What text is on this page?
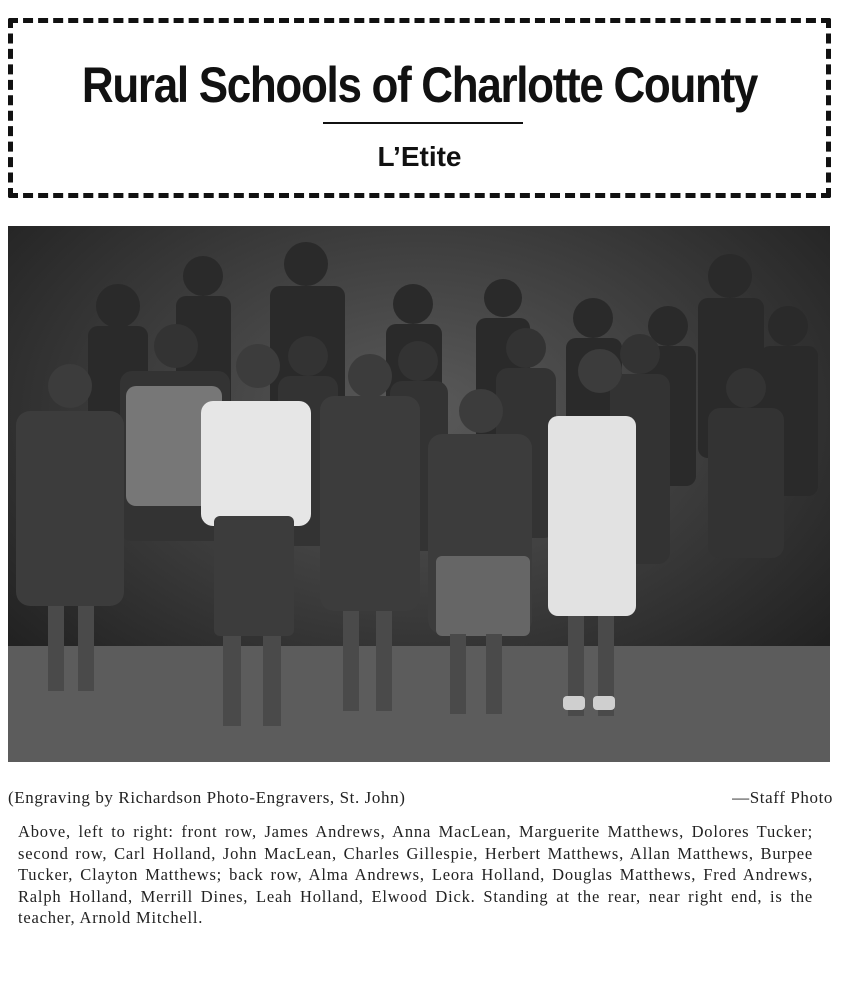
Rural Schools of Charlotte County
L’Etite
(Engraving by Richardson Photo-Engravers, St. John)	—Staff Photo
Above, left to right: front row, James Andrews, Anna MacLean, Marguerite Matthews, Dolores Tucker; second row, Carl Holland, John MacLean, Charles Gillespie, Herbert Matthews, Allan Matthews, Burpee Tucker, Clayton Matthews; back row, Alma Andrews, Leora Holland, Douglas Matthews, Fred Andrews, Ralph Holland, Merrill Dines, Leah Holland, Elwood Dick. Standing at the rear, near right end, is the teacher, Arnold Mitchell.
